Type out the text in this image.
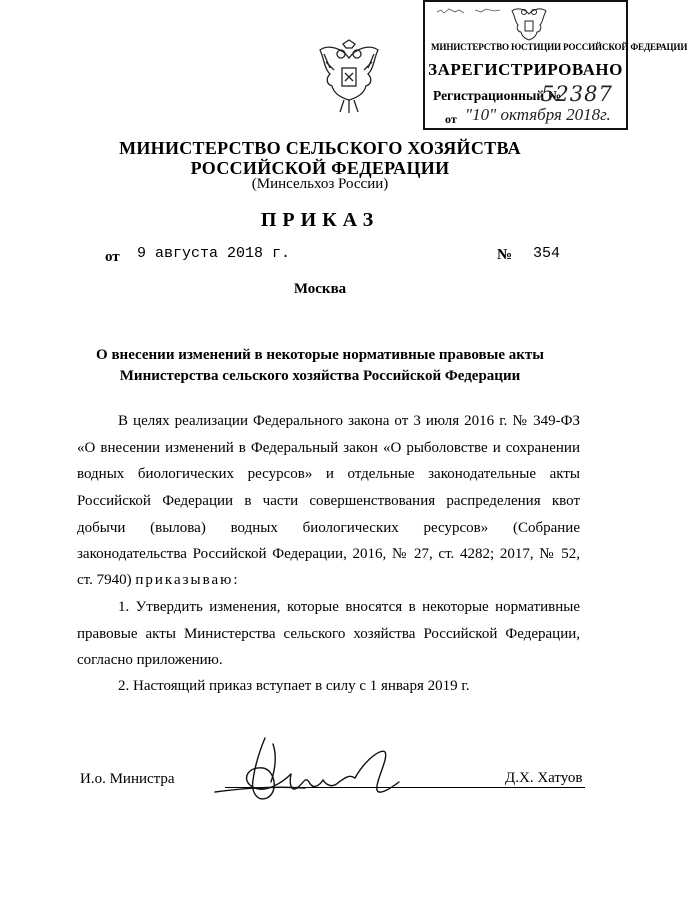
МИНИСТЕРСТВО ЮСТИЦИИ РОССИЙСКОЙ ФЕДЕРАЦИИ
ЗАРЕГИСТРИРОВАНО
Регистрационный №
52387
от "10" октября 2018г.
МИНИСТЕРСТВО СЕЛЬСКОГО ХОЗЯЙСТВА
РОССИЙСКОЙ ФЕДЕРАЦИИ
(Минсельхоз России)
ПРИКАЗ
от 9 августа 2018 г.	№ 354
Москва
О внесении изменений в некоторые нормативные правовые акты
Министерства сельского хозяйства Российской Федерации
В целях реализации Федерального закона от 3 июля 2016 г. № 349-ФЗ
«О внесении изменений в Федеральный закон «О рыболовстве и сохранении
водных биологических ресурсов» и отдельные законодательные акты
Российской Федерации в части совершенствования распределения квот
добычи (вылова) водных биологических ресурсов» (Собрание
законодательства Российской Федерации, 2016, № 27, ст. 4282; 2017, № 52,
ст. 7940) приказываю:
1. Утвердить изменения, которые вносятся в некоторые нормативные
правовые акты Министерства сельского хозяйства Российской Федерации,
согласно приложению.
2. Настоящий приказ вступает в силу с 1 января 2019 г.
И.о. Министра	Д.Х. Хатуов
